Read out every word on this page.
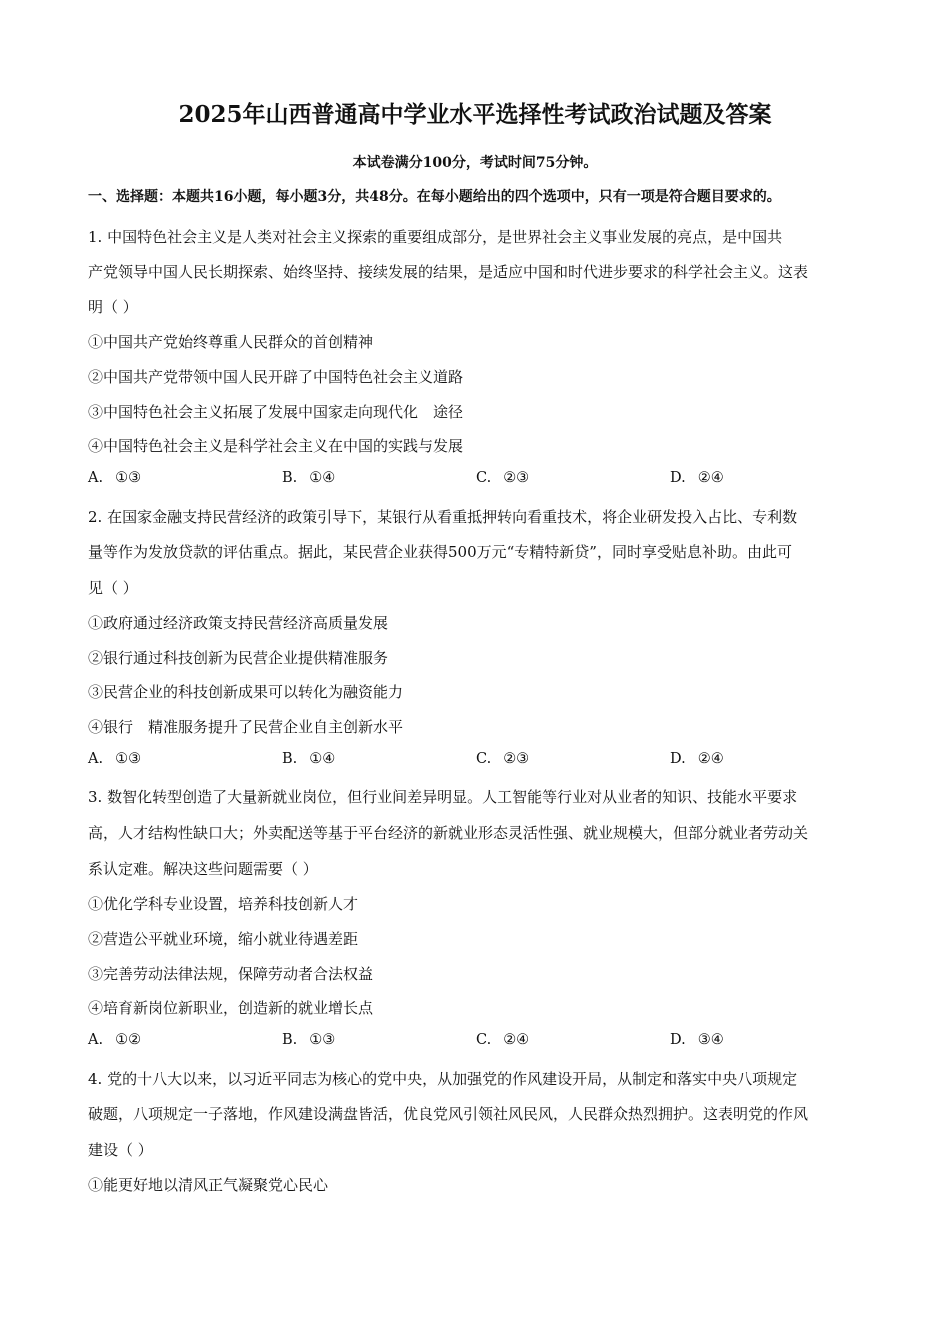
2025年山西普通高中学业水平选择性考试政治试题及答案
本试卷满分100分，考试时间75分钟。
一、选择题：本题共16小题，每小题3分，共48分。在每小题给出的四个选项中，只有一项是符合题目要求的。
1. 中国特色社会主义是人类对社会主义探索的重要组成部分，是世界社会主义事业发展的亮点，是中国共
产党领导中国人民长期探索、始终坚持、接续发展的结果，是适应中国和时代进步要求的科学社会主义。这表
明（ ）
①中国共产党始终尊重人民群众的首创精神
②中国共产党带领中国人民开辟了中国特色社会主义道路
③中国特色社会主义拓展了发展中国家走向现代化　途径
④中国特色社会主义是科学社会主义在中国的实践与发展
A. ①③	B. ①④	C. ②③	D. ②④
2. 在国家金融支持民营经济的政策引导下，某银行从看重抵押转向看重技术，将企业研发投入占比、专利数
量等作为发放贷款的评估重点。据此，某民营企业获得500万元“专精特新贷”，同时享受贴息补助。由此可
见（ ）
①政府通过经济政策支持民营经济高质量发展
②银行通过科技创新为民营企业提供精准服务
③民营企业的科技创新成果可以转化为融资能力
④银行　精准服务提升了民营企业自主创新水平
A. ①③	B. ①④	C. ②③	D. ②④
3. 数智化转型创造了大量新就业岗位，但行业间差异明显。人工智能等行业对从业者的知识、技能水平要求
高，人才结构性缺口大；外卖配送等基于平台经济的新就业形态灵活性强、就业规模大，但部分就业者劳动关
系认定难。解决这些问题需要（ ）
①优化学科专业设置，培养科技创新人才
②营造公平就业环境，缩小就业待遇差距
③完善劳动法律法规，保障劳动者合法权益
④培育新岗位新职业，创造新的就业增长点
A. ①②	B. ①③	C. ②④	D. ③④
4. 党的十八大以来，以习近平同志为核心的党中央，从加强党的作风建设开局，从制定和落实中央八项规定
破题，八项规定一子落地，作风建设满盘皆活，优良党风引领社风民风，人民群众热烈拥护。这表明党的作风
建设（ ）
①能更好地以清风正气凝聚党心民心
